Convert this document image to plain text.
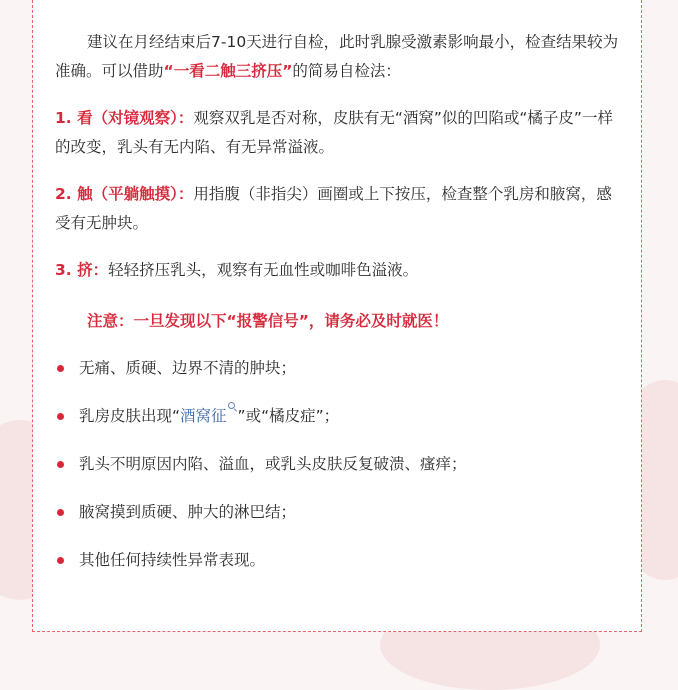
建议在月经结束后7-10天进行自检，此时乳腺受激素影响最小，检查结果较为准确。可以借助“一看二触三挤压”的简易自检法：

1. 看（对镜观察）：观察双乳是否对称，皮肤有无“酒窝”似的凹陷或“橘子皮”一样的改变，乳头有无内陷、有无异常溢液。

2. 触（平躺触摸）：用指腹（非指尖）画圈或上下按压，检查整个乳房和腋窝，感受有无肿块。

3. 挤：轻轻挤压乳头，观察有无血性或咖啡色溢液。

注意：一旦发现以下“报警信号”，请务必及时就医！

无痛、质硬、边界不清的肿块；
乳房皮肤出现“酒窝征 ”或“橘皮症”；
乳头不明原因内陷、溢血，或乳头皮肤反复破溃、瘙痒；
腋窝摸到质硬、肿大的淋巴结；
其他任何持续性异常表现。
